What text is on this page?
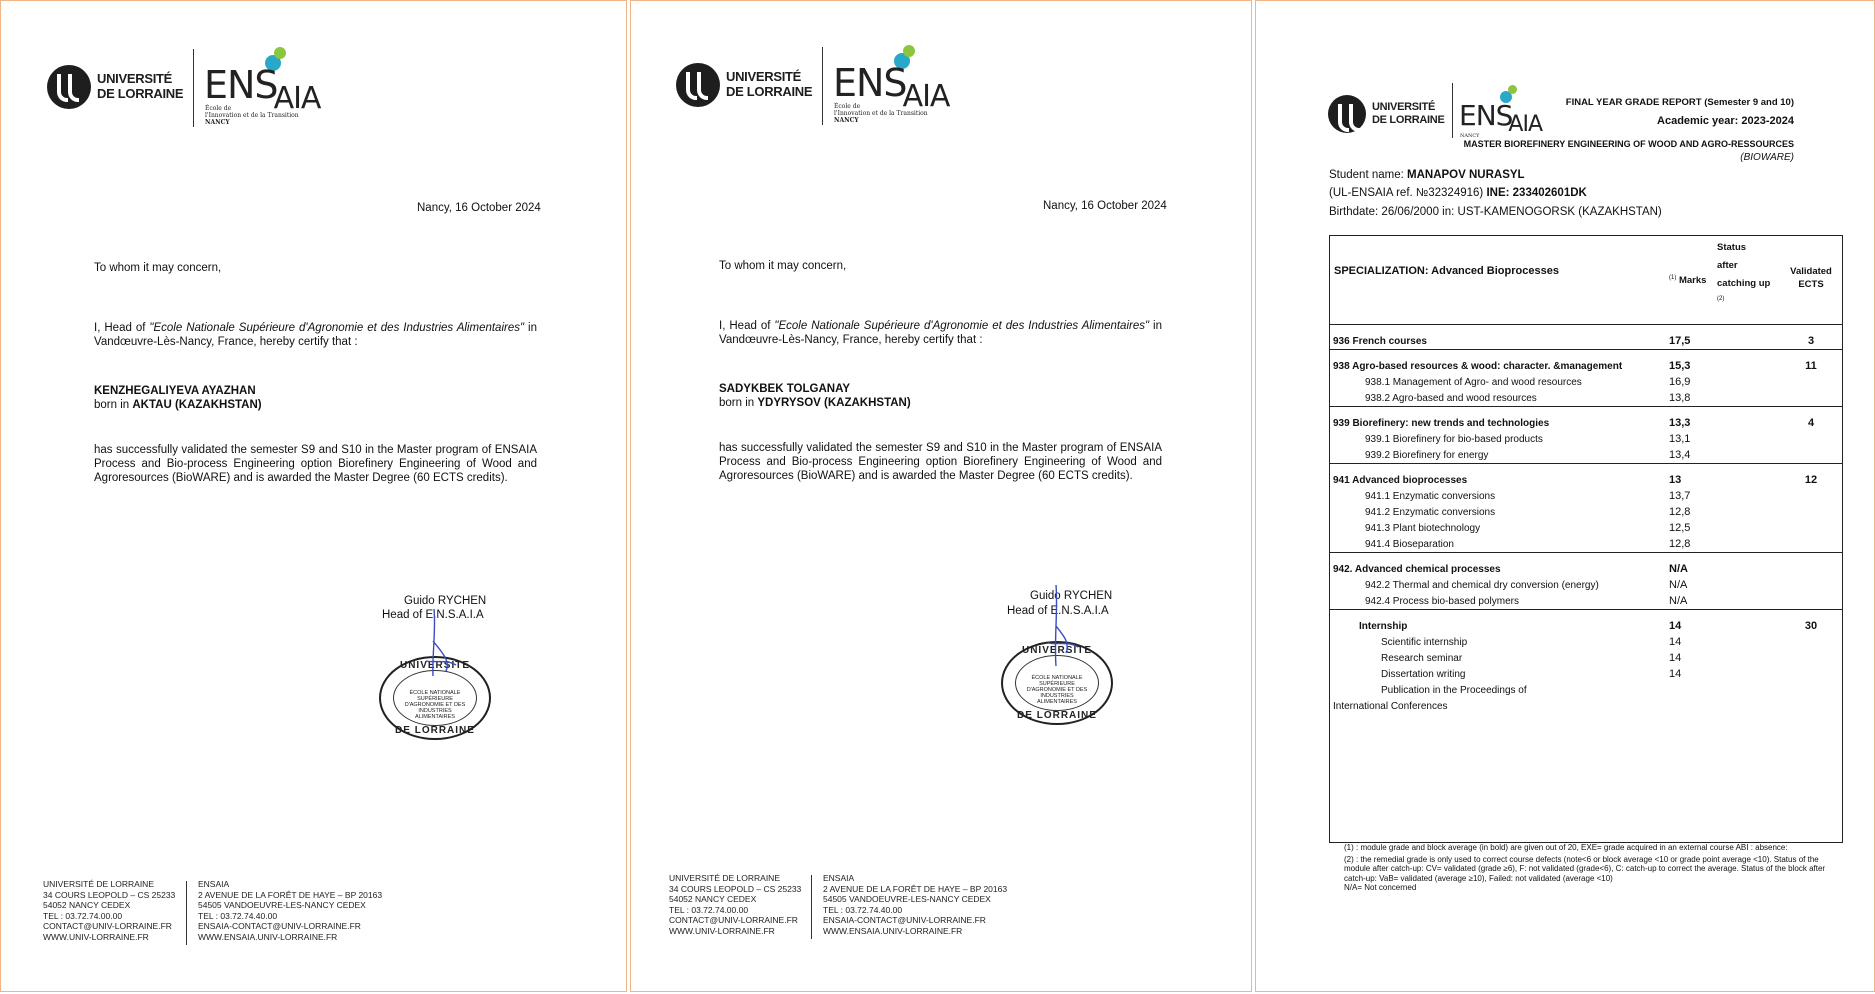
UNIVERSITÉ
DE LORRAINE $ENS_{AIA}$
École de
l'Innovation et de la Transition
NANCY
Nancy, 16 October 2024
To whom it may concern,
I, Head of "Ecole Nationale Supérieure d'Agronomie et des Industries Alimentaires" in Vandœuvre-Lès-Nancy, France, hereby certify that :
KENZHEGALIYEVA AYAZHAN
born in AKTAU (KAZAKHSTAN)
has successfully validated the semester S9 and S10 in the Master program of ENSAIA Process and Bio-process Engineering option Biorefinery Engineering of Wood and Agroresources (BioWARE) and is awarded the Master Degree (60 ECTS credits).
Guido RYCHEN
Head of E.N.S.A.I.A
UNIVERSITE
ÉCOLE NATIONALE SUPÉRIEURE D'AGRONOMIE ET DES INDUSTRIES ALIMENTAIRES
DE LORRAINE
UNIVERSITÉ DE LORRAINE
34 COURS LEOPOLD – CS 25233
54052 NANCY CEDEX
TEL : 03.72.74.00.00
CONTACT@UNIV-LORRAINE.FR
WWW.UNIV-LORRAINE.FR
ENSAIA
2 AVENUE DE LA FORÊT DE HAYE – BP 20163
54505 VANDOEUVRE-LES-NANCY CEDEX
TEL : 03.72.74.40.00
ENSAIA-CONTACT@UNIV-LORRAINE.FR
WWW.ENSAIA.UNIV-LORRAINE.FR
UNIVERSITÉ
DE LORRAINE $ENS_{AIA}$
École de
l'Innovation et de la Transition
NANCY
Nancy, 16 October 2024
To whom it may concern,
I, Head of "Ecole Nationale Supérieure d'Agronomie et des Industries Alimentaires" in Vandœuvre-Lès-Nancy, France, hereby certify that :
SADYKBEK TOLGANAY
born in YDYRYSOV (KAZAKHSTAN)
has successfully validated the semester S9 and S10 in the Master program of ENSAIA Process and Bio-process Engineering option Biorefinery Engineering of Wood and Agroresources (BioWARE) and is awarded the Master Degree (60 ECTS credits).
Guido RYCHEN
Head of E.N.S.A.I.A
UNIVERSITE
ÉCOLE NATIONALE SUPÉRIEURE D'AGRONOMIE ET DES INDUSTRIES ALIMENTAIRES
DE LORRAINE
UNIVERSITÉ DE LORRAINE
34 COURS LEOPOLD – CS 25233
54052 NANCY CEDEX
TEL : 03.72.74.00.00
CONTACT@UNIV-LORRAINE.FR
WWW.UNIV-LORRAINE.FR
ENSAIA
2 AVENUE DE LA FORÊT DE HAYE – BP 20163
54505 VANDOEUVRE-LES-NANCY CEDEX
TEL : 03.72.74.40.00
ENSAIA-CONTACT@UNIV-LORRAINE.FR
WWW.ENSAIA.UNIV-LORRAINE.FR
UNIVERSITÉ
DE LORRAINE $ENS_{AIA}$
NANCY
FINAL YEAR GRADE REPORT (Semester 9 and 10)
Academic year: 2023-2024
MASTER BIOREFINERY ENGINEERING OF WOOD AND AGRO-RESSOURCES
(BIOWARE)
Student name: MANAPOV NURASYL
(UL-ENSAIA ref. №32324916) INE: 233402601DK
Birthdate: 26/06/2000 in: UST-KAMENOGORSK (KAZAKHSTAN)
SPECIALIZATION: Advanced Bioprocesses	$^{(1)}$ Marks	Status
after
catching up
$^{(2)}$	Validated
ECTS
936 French courses	17,5		3
938 Agro-based resources & wood: character. &management	15,3		11
938.1 Management of Agro- and wood resources	16,9		
938.2 Agro-based and wood resources	13,8		
939 Biorefinery: new trends and technologies	13,3		4
939.1 Biorefinery for bio-based products	13,1		
939.2 Biorefinery for energy	13,4		
941 Advanced bioprocesses	13		12
941.1 Enzymatic conversions	13,7		
941.2 Enzymatic conversions	12,8		
941.3 Plant biotechnology	12,5		
941.4 Bioseparation	12,8		
942. Advanced chemical processes	N/A		
942.2 Thermal and chemical dry conversion (energy)	N/A		
942.4 Process bio-based polymers	N/A		
Internship	14		30
Scientific internship	14		
Research seminar	14		
Dissertation writing	14		
Publication in the Proceedings of			
International Conferences			
(1) : module grade and block average (in bold) are given out of 20, EXE= grade acquired in an external course ABI : absence:
(2) : the remedial grade is only used to correct course defects (note<6 or block average <10 or grade point average <10). Status of the module after catch-up: CV= validated (grade ≥6), F: not validated (grade<6), C: catch-up to correct the average. Status of the block after catch-up: VaB= validated (average ≥10), Failed: not validated (average <10)
N/A= Not concerned
